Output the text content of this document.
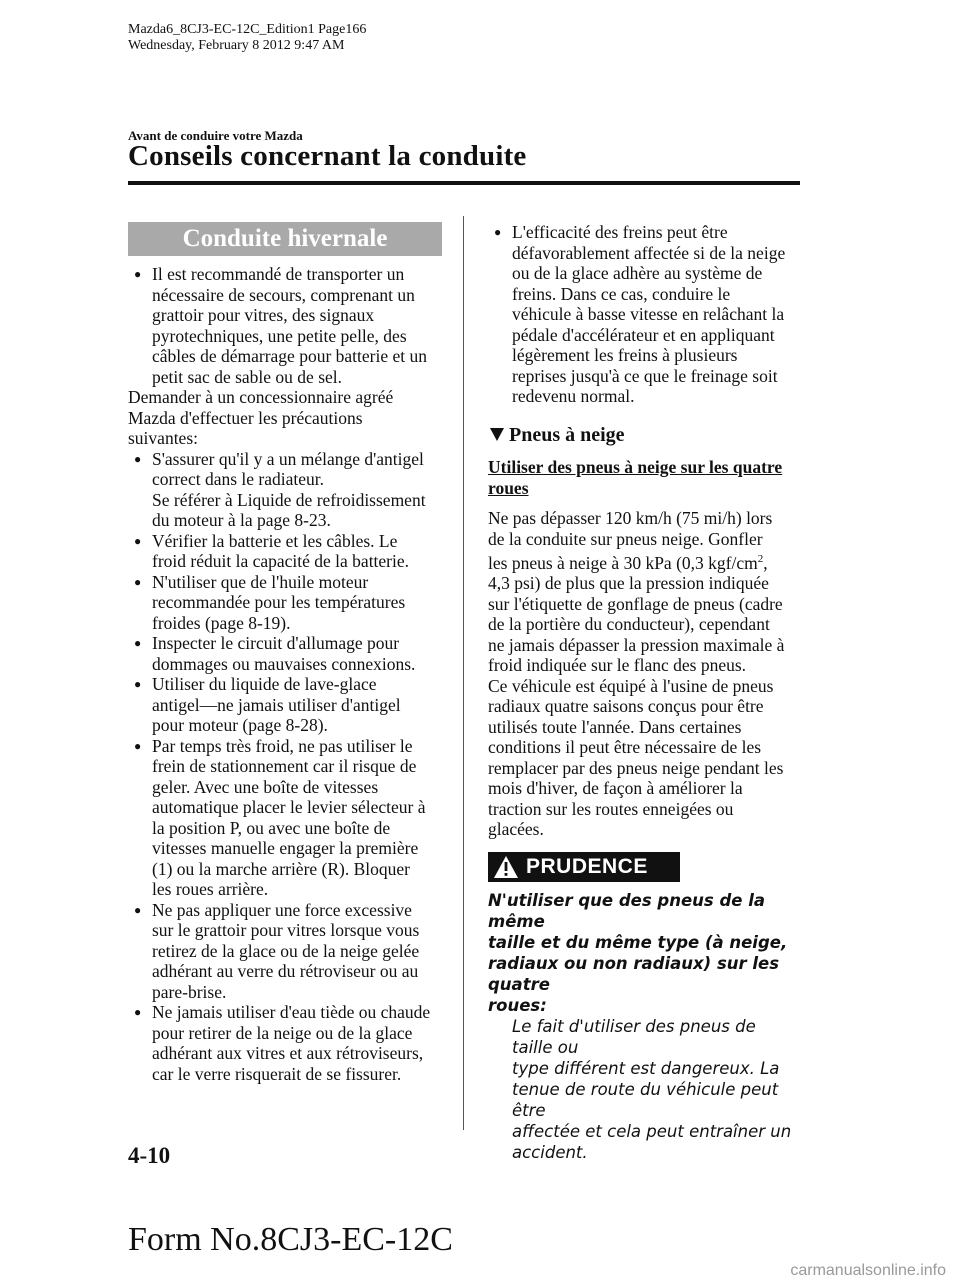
Mazda6_8CJ3-EC-12C_Edition1 Page166
Wednesday, February 8 2012 9:47 AM
Avant de conduire votre Mazda
Conseils concernant la conduite
Conduite hivernale
● Il est recommandé de transporter un
nécessaire de secours, comprenant un
grattoir pour vitres, des signaux
pyrotechniques, une petite pelle, des
câbles de démarrage pour batterie et un
petit sac de sable ou de sel.
Demander à un concessionnaire agréé
Mazda d'effectuer les précautions
suivantes:
● S'assurer qu'il y a un mélange d'antigel
correct dans le radiateur.
Se référer à Liquide de refroidissement
du moteur à la page 8-23.
● Vérifier la batterie et les câbles. Le
froid réduit la capacité de la batterie.
● N'utiliser que de l'huile moteur
recommandée pour les températures
froides (page 8-19).
● Inspecter le circuit d'allumage pour
dommages ou mauvaises connexions.
● Utiliser du liquide de lave-glace
antigel―ne jamais utiliser d'antigel
pour moteur (page 8-28).
● Par temps très froid, ne pas utiliser le
frein de stationnement car il risque de
geler. Avec une boîte de vitesses
automatique placer le levier sélecteur à
la position P, ou avec une boîte de
vitesses manuelle engager la première
(1) ou la marche arrière (R). Bloquer
les roues arrière.
● Ne pas appliquer une force excessive
sur le grattoir pour vitres lorsque vous
retirez de la glace ou de la neige gelée
adhérant au verre du rétroviseur ou au
pare-brise.
● Ne jamais utiliser d'eau tiède ou chaude
pour retirer de la neige ou de la glace
adhérant aux vitres et aux rétroviseurs,
car le verre risquerait de se fissurer.
● L'efficacité des freins peut être
défavorablement affectée si de la neige
ou de la glace adhère au système de
freins. Dans ce cas, conduire le
véhicule à basse vitesse en relâchant la
pédale d'accélérateur et en appliquant
légèrement les freins à plusieurs
reprises jusqu'à ce que le freinage soit
redevenu normal.
Pneus à neige
Utiliser des pneus à neige sur les quatre
roues
Ne pas dépasser 120 km/h (75 mi/h) lors
de la conduite sur pneus neige. Gonfler
les pneus à neige à 30 kPa (0,3 kgf/$cm^2$,
4,3 psi) de plus que la pression indiquée
sur l'étiquette de gonflage de pneus (cadre
de la portière du conducteur), cependant
ne jamais dépasser la pression maximale à
froid indiquée sur le flanc des pneus.
Ce véhicule est équipé à l'usine de pneus
radiaux quatre saisons conçus pour être
utilisés toute l'année. Dans certaines
conditions il peut être nécessaire de les
remplacer par des pneus neige pendant les
mois d'hiver, de façon à améliorer la
traction sur les routes enneigées ou
glacées.
PRUDENCE
N'utiliser que des pneus de la même
taille et du même type (à neige,
radiaux ou non radiaux) sur les quatre
roues:
Le fait d'utiliser des pneus de taille ou
type différent est dangereux. La
tenue de route du véhicule peut être
affectée et cela peut entraîner un
accident.
4-10
Form No.8CJ3-EC-12C
carmanualsonline.info
